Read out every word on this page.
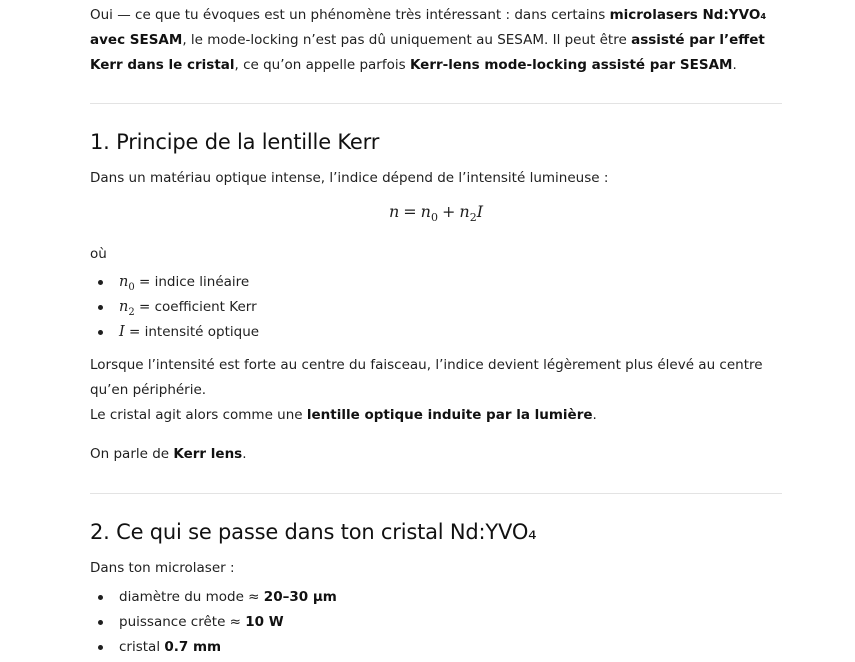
Oui — ce que tu évoques est un phénomène très intéressant : dans certains microlasers Nd:YVO₄ avec SESAM, le mode-locking n’est pas dû uniquement au SESAM. Il peut être assisté par l’effet Kerr dans le cristal, ce qu’on appelle parfois Kerr-lens mode-locking assisté par SESAM.

1. Principe de la lentille Kerr

Dans un matériau optique intense, l’indice dépend de l’intensité lumineuse :

$n = n_0 + n_2I$

où

$n_0$ = indice linéaire
$n_2$ = coefficient Kerr
I = intensité optique

Lorsque l’intensité est forte au centre du faisceau, l’indice devient légèrement plus élevé au centre qu’en périphérie.

Le cristal agit alors comme une lentille optique induite par la lumière.

On parle de Kerr lens.

2. Ce qui se passe dans ton cristal Nd:YVO₄

Dans ton microlaser :

diamètre du mode ≈ 20–30 µm
puissance crête ≈ 10 W
cristal 0.7 mm
